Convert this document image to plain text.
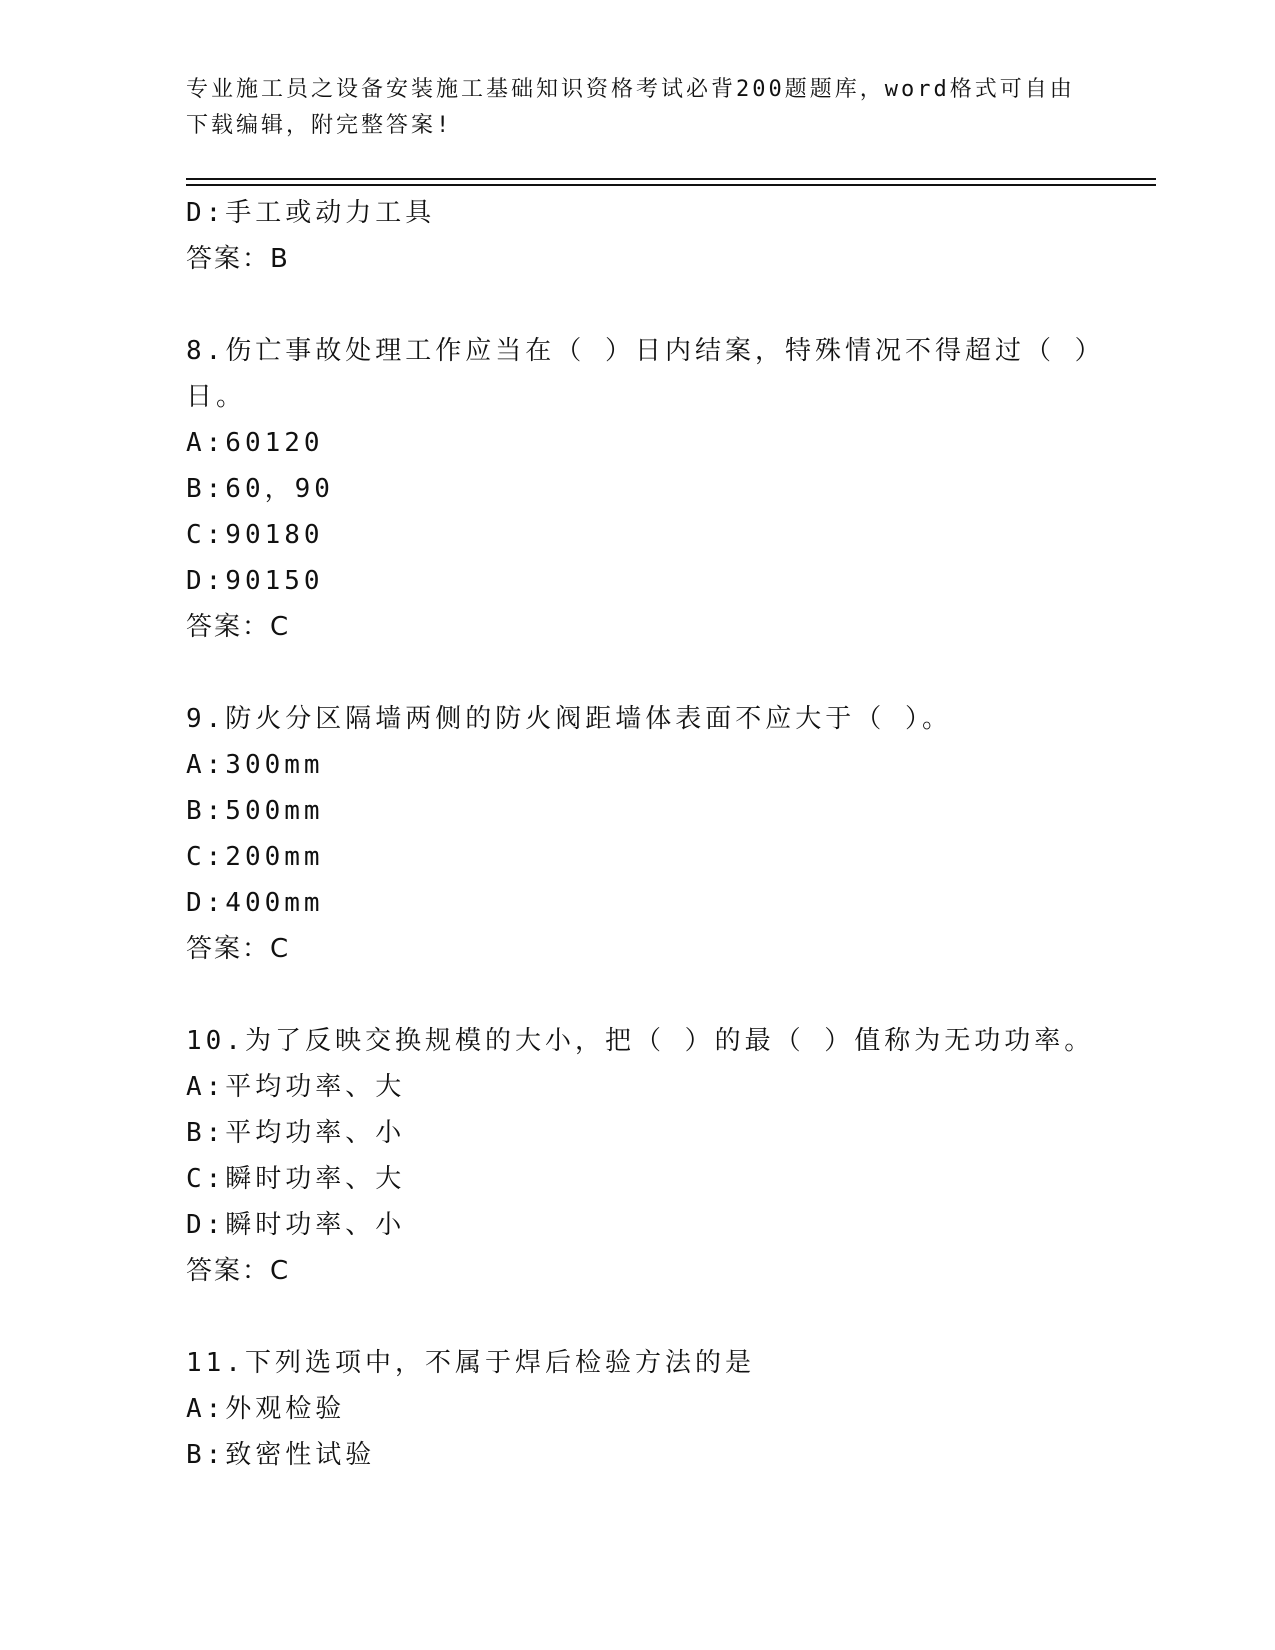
专业施工员之设备安装施工基础知识资格考试必背200题题库，word格式可自由
下载编辑，附完整答案!
D:手工或动力工具
答案：B
8.伤亡事故处理工作应当在（ ）日内结案，特殊情况不得超过（ ）
日。
A:60120
B:60，90
C:90180
D:90150
答案：C
9.防火分区隔墙两侧的防火阀距墙体表面不应大于（ ）。
A:300mm
B:500mm
C:200mm
D:400mm
答案：C
10.为了反映交换规模的大小，把（ ）的最（ ）值称为无功功率。
A:平均功率、大
B:平均功率、小
C:瞬时功率、大
D:瞬时功率、小
答案：C
11.下列选项中，不属于焊后检验方法的是
A:外观检验
B:致密性试验
